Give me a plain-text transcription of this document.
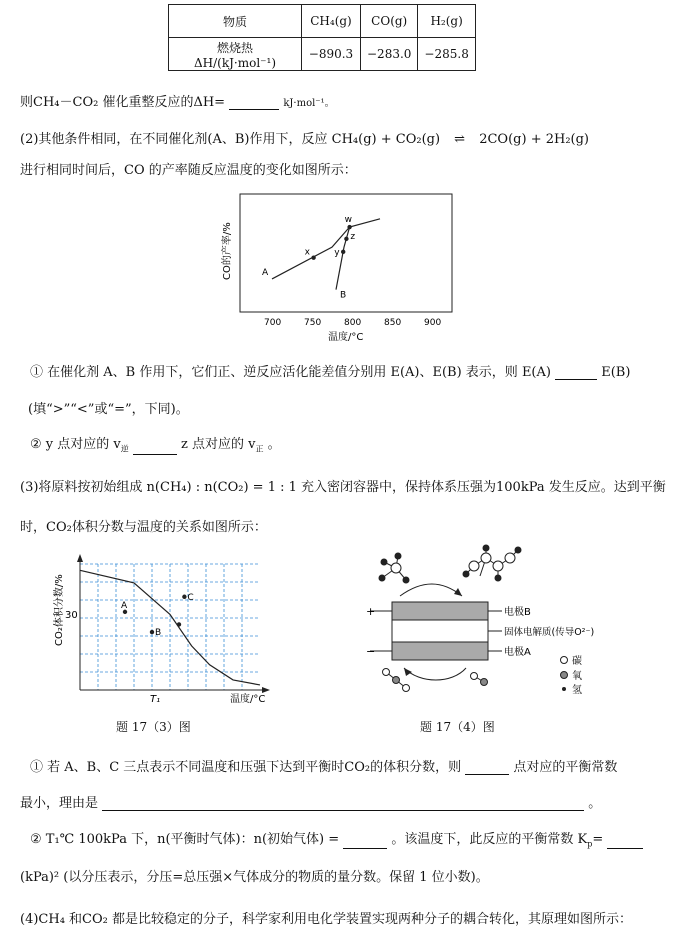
物质	CH₄(g)	CO(g)	H₂(g)
燃烧热 ΔH/(kJ·mol⁻¹)	−890.3	−283.0	−285.8
则CH₄－CO₂ 催化重整反应的ΔH=	kJ·mol⁻¹。
(2)其他条件相同，在不同催化剂(A、B)作用下，反应 CH₄(g) + CO₂(g) ⇌ 2CO(g) + 2H₂(g)
进行相同时间后，CO 的产率随反应温度的变化如图所示：
700	750	800	850	900
A
B
x
w
y
z
CO的产率/%
温度/°C
① 在催化剂 A、B 作用下，它们正、逆反应活化能差值分别用 E(A)、E(B) 表示，则 E(A)	E(B)
(填“>”“<”或“=”，下同)。
② y 点对应的 $v_逆$	z 点对应的 $v_正$ 。
(3)将原料按初始组成 n(CH₄) : n(CO₂) = 1 : 1 充入密闭容器中，保持体系压强为100kPa 发生反应。达到平衡
时，CO₂体积分数与温度的关系如图所示：
A
B
C
30
T₁	温度/°C
CO₂体积分数/%
题 17（3）图
+
−
电极B
固体电解质(传导O²⁻)
电极A
碳
氧
氢
题 17（4）图
① 若 A、B、C 三点表示不同温度和压强下达到平衡时CO₂的体积分数，则	点对应的平衡常数
最小，理由是	。
② T₁℃ 100kPa 下，n(平衡时气体)：n(初始气体) =	。该温度下，此反应的平衡常数 $K_p=$
(kPa)² (以分压表示，分压=总压强×气体成分的物质的量分数。保留 1 位小数)。
(4)CH₄ 和CO₂ 都是比较稳定的分子，科学家利用电化学装置实现两种分子的耦合转化，其原理如图所示：
